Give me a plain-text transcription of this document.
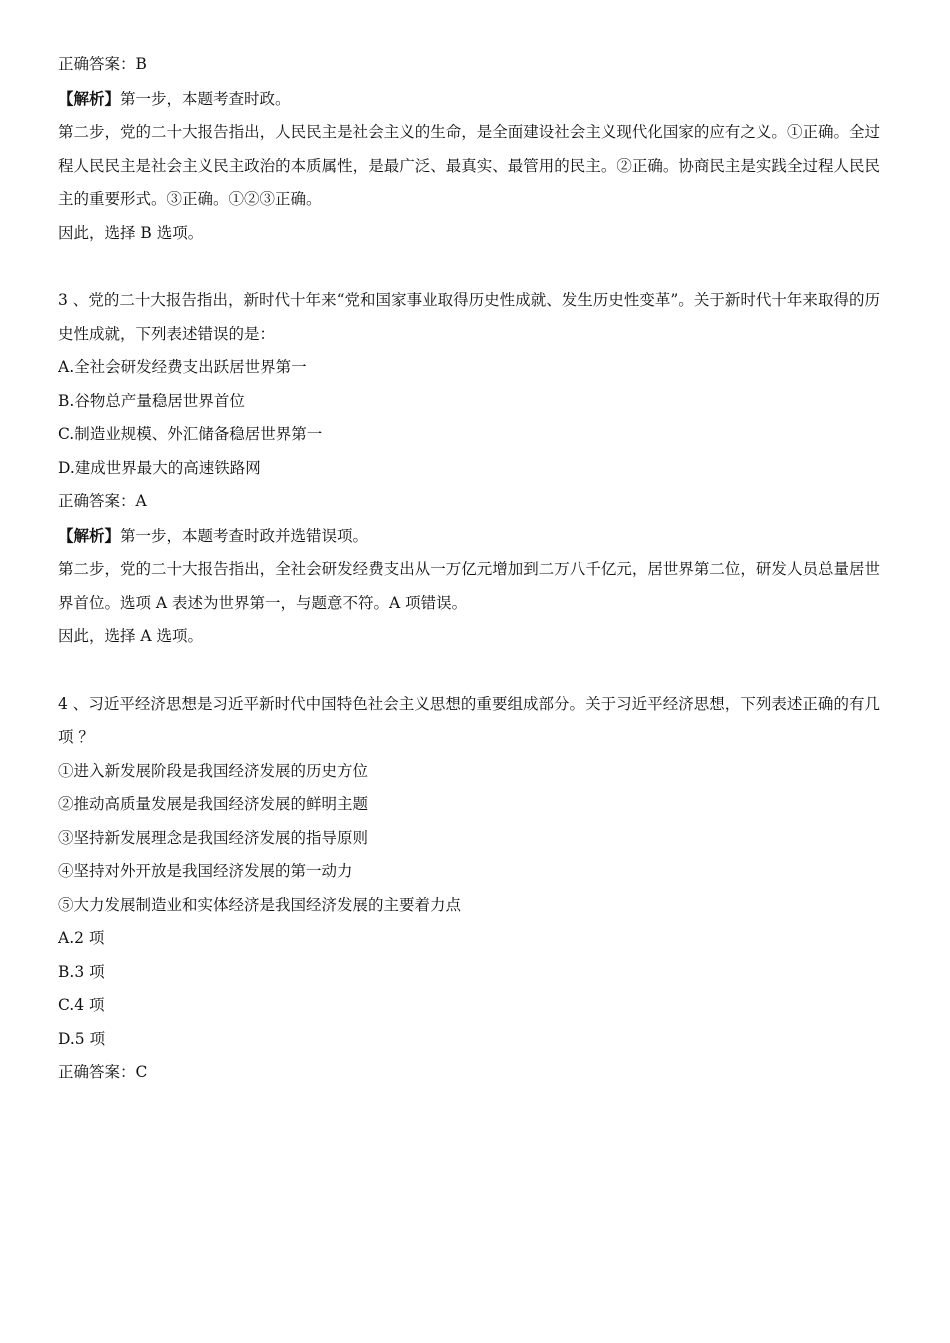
正确答案：B
【解析】第一步，本题考查时政。
第二步，党的二十大报告指出，人民民主是社会主义的生命，是全面建设社会主义现代化国家的应有之义。①正确。全过程人民民主是社会主义民主政治的本质属性，是最广泛、最真实、最管用的民主。②正确。协商民主是实践全过程人民民主的重要形式。③正确。①②③正确。
因此，选择 B 选项。
3 、党的二十大报告指出，新时代十年来“党和国家事业取得历史性成就、发生历史性变革”。关于新时代十年来取得的历史性成就，下列表述错误的是：
A.全社会研发经费支出跃居世界第一
B.谷物总产量稳居世界首位
C.制造业规模、外汇储备稳居世界第一
D.建成世界最大的高速铁路网
正确答案：A
【解析】第一步，本题考查时政并选错误项。
第二步，党的二十大报告指出，全社会研发经费支出从一万亿元增加到二万八千亿元，居世界第二位，研发人员总量居世界首位。选项 A 表述为世界第一，与题意不符。A 项错误。
因此，选择 A 选项。
4 、习近平经济思想是习近平新时代中国特色社会主义思想的重要组成部分。关于习近平经济思想，下列表述正确的有几项 ？
①进入新发展阶段是我国经济发展的历史方位
②推动高质量发展是我国经济发展的鲜明主题
③坚持新发展理念是我国经济发展的指导原则
④坚持对外开放是我国经济发展的第一动力
⑤大力发展制造业和实体经济是我国经济发展的主要着力点
A.2 项
B.3 项
C.4 项
D.5 项
正确答案：C
